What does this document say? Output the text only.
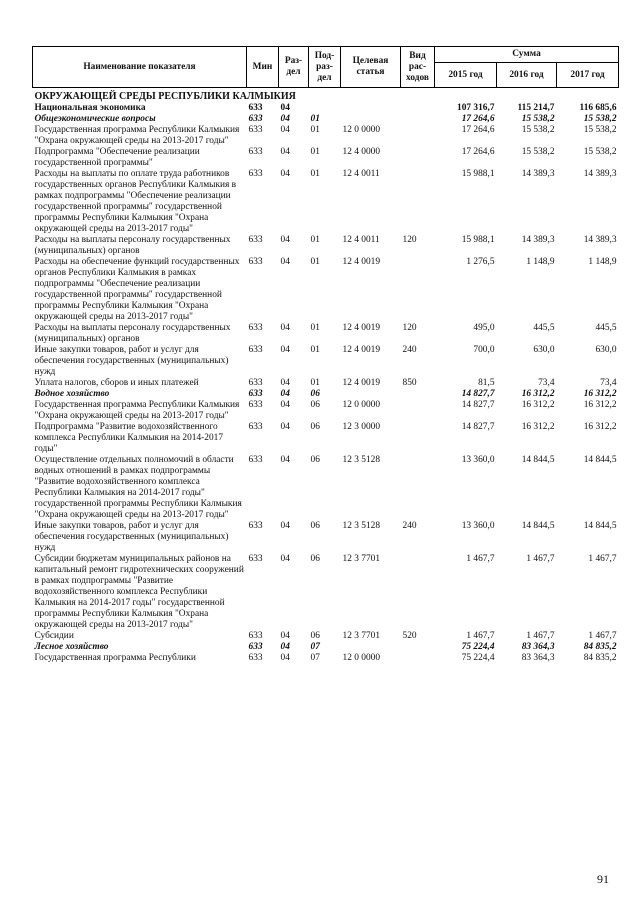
Наименование показателя	Мин	Раз-дел	Под-раз-дел	Целевая статья	Вид рас-ходов	Сумма		
						2015 год	2016 год	2017 год
ОКРУЖАЮЩЕЙ СРЕДЫ РЕСПУБЛИКИ КАЛМЫКИЯ								
Национальная экономика	633	04				107 316,7	115 214,7	116 685,6
Общеэкономические вопросы	633	04	01			17 264,6	15 538,2	15 538,2
Государственная программа Республики Калмыкия "Охрана окружающей среды на 2013-2017 годы"	633	04	01	12 0 0000		17 264,6	15 538,2	15 538,2
Подпрограмма "Обеспечение реализации государственной программы"	633	04	01	12 4 0000		17 264,6	15 538,2	15 538,2
Расходы на выплаты по оплате труда работников государственных органов Республики Калмыкия в рамках подпрограммы "Обеспечение реализации государственной программы" государственной программы Республики Калмыкия "Охрана окружающей среды на 2013-2017 годы"	633	04	01	12 4 0011		15 988,1	14 389,3	14 389,3
Расходы на выплаты персоналу государственных (муниципальных) органов	633	04	01	12 4 0011	120	15 988,1	14 389,3	14 389,3
Расходы на обеспечение функций государственных органов Республики Калмыкия в рамках подпрограммы "Обеспечение реализации государственной программы" государственной программы Республики Калмыкия "Охрана окружающей среды на 2013-2017 годы"	633	04	01	12 4 0019		1 276,5	1 148,9	1 148,9
Расходы на выплаты персоналу государственных (муниципальных) органов	633	04	01	12 4 0019	120	495,0	445,5	445,5
Иные закупки товаров, работ и услуг для обеспечения государственных (муниципальных) нужд	633	04	01	12 4 0019	240	700,0	630,0	630,0
Уплата налогов, сборов и иных платежей	633	04	01	12 4 0019	850	81,5	73,4	73,4
Водное хозяйство	633	04	06			14 827,7	16 312,2	16 312,2
Государственная программа Республики Калмыкия "Охрана окружающей среды на 2013-2017 годы"	633	04	06	12 0 0000		14 827,7	16 312,2	16 312,2
Подпрограмма "Развитие водохозяйственного комплекса Республики Калмыкия на 2014-2017 годы"	633	04	06	12 3 0000		14 827,7	16 312,2	16 312,2
Осуществление отдельных полномочий в области водных отношений в рамках подпрограммы "Развитие водохозяйственного комплекса Республики Калмыкия на 2014-2017 годы" государственной программы Республики Калмыкия "Охрана окружающей среды на 2013-2017 годы"	633	04	06	12 3 5128		13 360,0	14 844,5	14 844,5
Иные закупки товаров, работ и услуг для обеспечения государственных (муниципальных) нужд	633	04	06	12 3 5128	240	13 360,0	14 844,5	14 844,5
Субсидии бюджетам муниципальных районов на капитальный ремонт гидротехнических сооружений в рамках подпрограммы "Развитие водохозяйственного комплекса Республики Калмыкия на 2014-2017 годы" государственной программы Республики Калмыкия "Охрана окружающей среды на 2013-2017 годы"	633	04	06	12 3 7701		1 467,7	1 467,7	1 467,7
Субсидии	633	04	06	12 3 7701	520	1 467,7	1 467,7	1 467,7
Лесное хозяйство	633	04	07			75 224,4	83 364,3	84 835,2
Государственная программа Республики	633	04	07	12 0 0000		75 224,4	83 364,3	84 835,2
91
